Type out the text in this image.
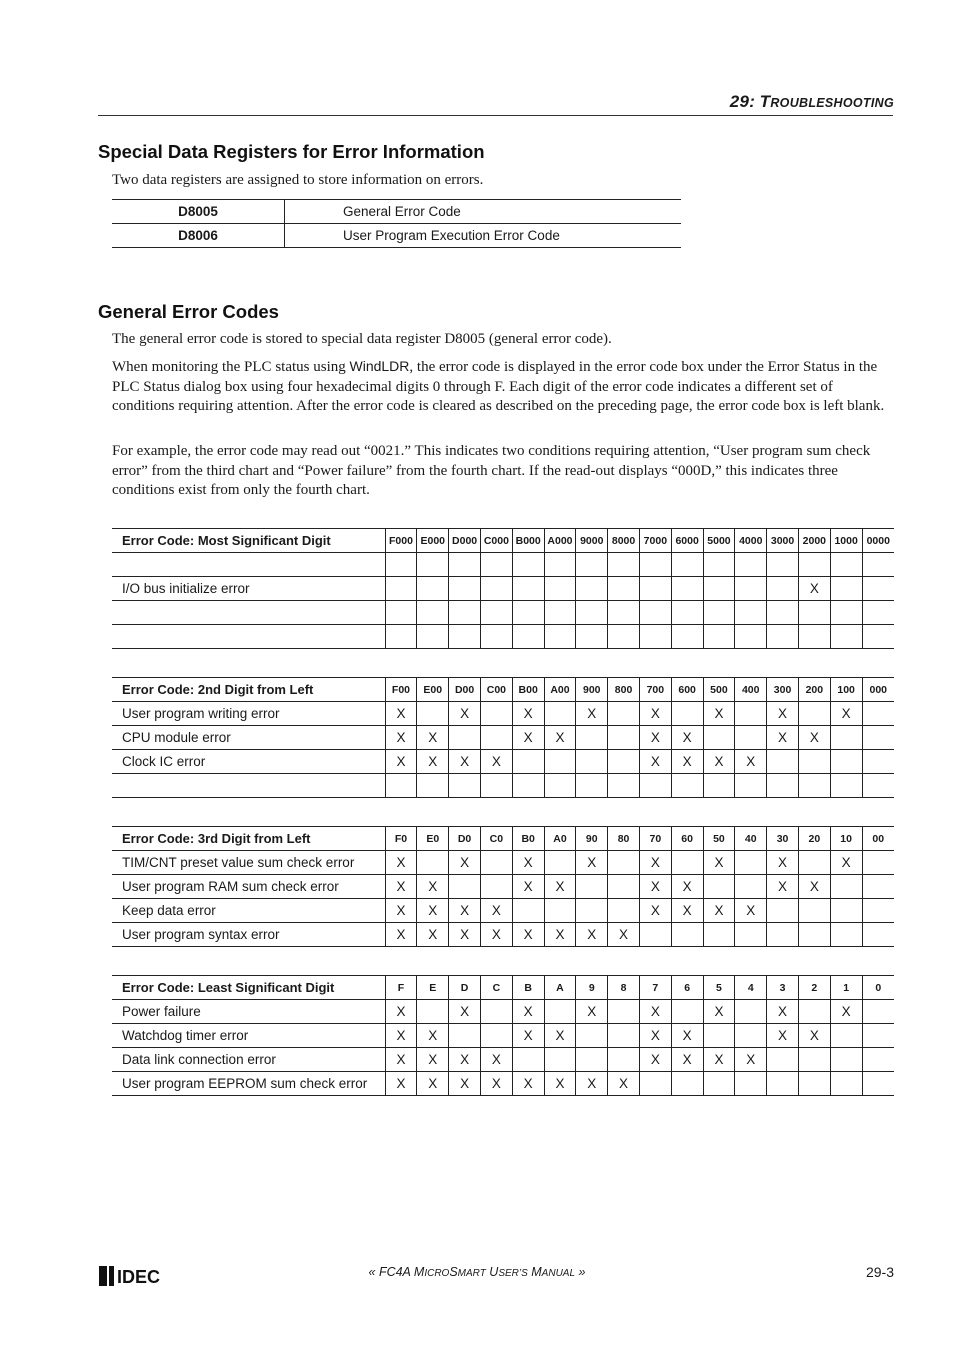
29: TROUBLESHOOTING
Special Data Registers for Error Information

Two data registers are assigned to store information on errors.

D8005	General Error Code
D8006	User Program Execution Error Code
General Error Codes

The general error code is stored to special data register D8005 (general error code).

When monitoring the PLC status using WindLDR, the error code is displayed in the error code box under the Error Status in the PLC Status dialog box using four hexadecimal digits 0 through F. Each digit of the error code indicates a different set of conditions requiring attention. After the error code is cleared as described on the preceding page, the error code box is left blank.

For example, the error code may read out “0021.” This indicates two conditions requiring attention, “User program sum check error” from the third chart and “Power failure” from the fourth chart. If the read-out displays “000D,” this indicates three conditions exist from only the fourth chart.

Error Code: Most Significant Digit	F000	E000	D000	C000	B000	A000	9000	8000	7000	6000	5000	4000	3000	2000	1000	0000

I/O bus initialize error														X		

Error Code: 2nd Digit from Left	F00	E00	D00	C00	B00	A00	900	800	700	600	500	400	300	200	100	000
User program writing error	X		X		X		X		X		X		X		X	
CPU module error	X	X			X	X			X	X			X	X		
Clock IC error	X	X	X	X					X	X	X	X				

Error Code: 3rd Digit from Left	F0	E0	D0	C0	B0	A0	90	80	70	60	50	40	30	20	10	00
TIM/CNT preset value sum check error	X		X		X		X		X		X		X		X	
User program RAM sum check error	X	X			X	X			X	X			X	X		
Keep data error	X	X	X	X					X	X	X	X				
User program syntax error	X	X	X	X	X	X	X	X								
Error Code: Least Significant Digit	F	E	D	C	B	A	9	8	7	6	5	4	3	2	1	0
Power failure	X		X		X		X		X		X		X		X	
Watchdog timer error	X	X			X	X			X	X			X	X		
Data link connection error	X	X	X	X					X	X	X	X				
User program EEPROM sum check error	X	X	X	X	X	X	X	X								
IDEC	« FC4A MICROSMART USER’S MANUAL »	29-3
